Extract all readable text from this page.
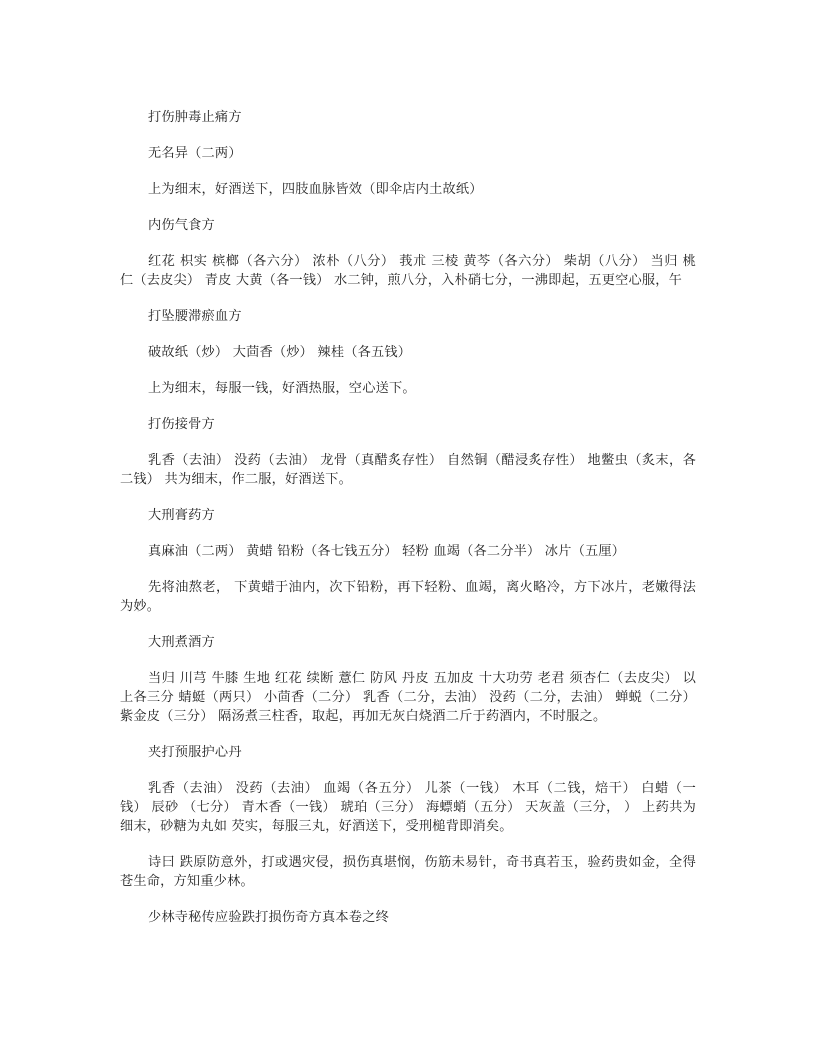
打伤肿毒止痛方

无名异（二两）

上为细末，好酒送下，四肢血脉皆效（即伞店内土故纸）

内伤气食方

红花 枳实 槟榔（各六分） 浓朴（八分） 莪朮 三棱 黄芩（各六分） 柴胡（八分） 当归 桃仁（去皮尖） 青皮 大黄（各一钱） 水二钟，煎八分，入朴硝七分，一沸即起，五更空心服，午

打坠腰滞瘀血方

破故纸（炒） 大茴香（炒） 辣桂（各五钱）

上为细末，每服一钱，好酒热服，空心送下。

打伤接骨方

乳香（去油） 没药（去油） 龙骨（真醋炙存性） 自然铜（醋浸炙存性） 地鳖虫（炙末，各 二钱） 共为细末，作二服，好酒送下。

大刑膏药方

真麻油（二两） 黄蜡 铅粉（各七钱五分） 轻粉 血竭（各二分半） 冰片（五厘）

先将油熬老， 下黄蜡于油内，次下铅粉，再下轻粉、血竭，离火略冷，方下冰片，老嫩得法为妙。

大刑煮酒方

当归 川芎 牛膝 生地 红花 续断 薏仁 防风 丹皮 五加皮 十大功劳 老君 须杏仁（去皮尖） 以上各三分 蜻蜓（两只） 小茴香（二分） 乳香（二分，去油） 没药（二分，去油） 蝉蜕（二分） 紫金皮（三分） 隔汤煮三柱香，取起，再加无灰白烧酒二斤于药酒内，不时服之。

夹打预服护心丹

乳香（去油） 没药（去油） 血竭（各五分） 儿茶（一钱） 木耳（二钱，焙干） 白蜡（一钱） 辰砂 （七分） 青木香（一钱） 琥珀（三分） 海螵蛸（五分） 天灰盖（三分， ） 上药共为细末，砂糖为丸如 芡实，每服三丸，好酒送下，受刑槌背即消矣。

诗曰 跌原防意外，打或遇灾侵，损伤真堪悯，伤筋未易针，奇书真若玉，验药贵如金，全得 苍生命，方知重少林。

少林寺秘传应验跌打损伤奇方真本卷之终
